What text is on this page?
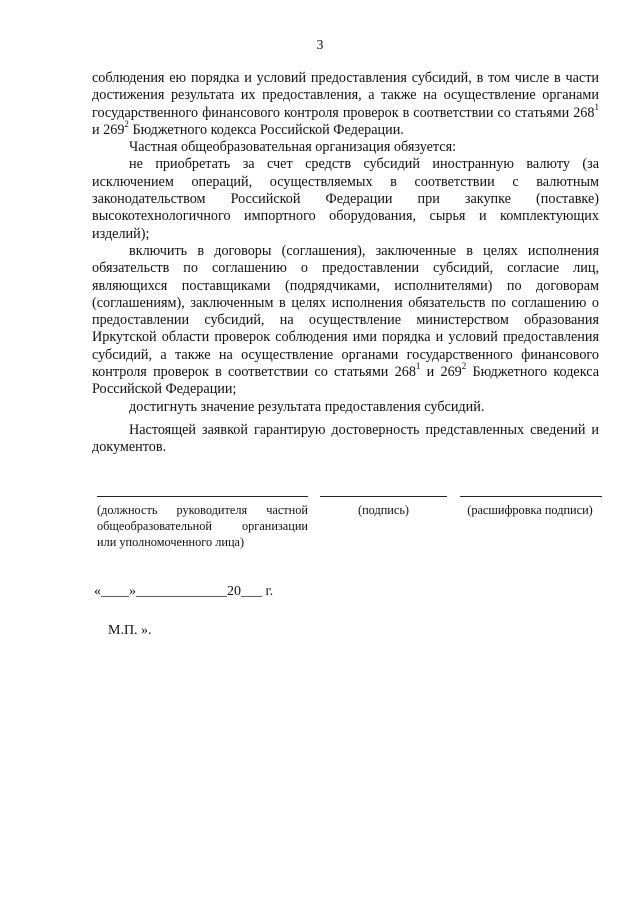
3

соблюдения ею порядка и условий предоставления субсидий, в том числе в части достижения результата их предоставления, а также на осуществление органами государственного финансового контроля проверок в соответствии со статьями $268^1$ и $269^2$ Бюджетного кодекса Российской Федерации.

Частная общеобразовательная организация обязуется:

не приобретать за счет средств субсидий иностранную валюту (за исключением операций, осуществляемых в соответствии с валютным законодательством Российской Федерации при закупке (поставке) высокотехнологичного импортного оборудования, сырья и комплектующих изделий);

включить в договоры (соглашения), заключенные в целях исполнения обязательств по соглашению о предоставлении субсидий, согласие лиц, являющихся поставщиками (подрядчиками, исполнителями) по договорам (соглашениям), заключенным в целях исполнения обязательств по соглашению о предоставлении субсидий, на осуществление министерством образования Иркутской области проверок соблюдения ими порядка и условий предоставления субсидий, а также на осуществление органами государственного финансового контроля проверок в соответствии со статьями $268^1$ и $269^2$ Бюджетного кодекса Российской Федерации;

достигнуть значение результата предоставления субсидий.

Настоящей заявкой гарантирую достоверность представленных сведений и документов.

(должность руководителя частной
общеобразовательной организации
или уполномоченного лица)
(подпись)	(расшифровка подписи)
«____»_____________20___ г.
М.П. ».
